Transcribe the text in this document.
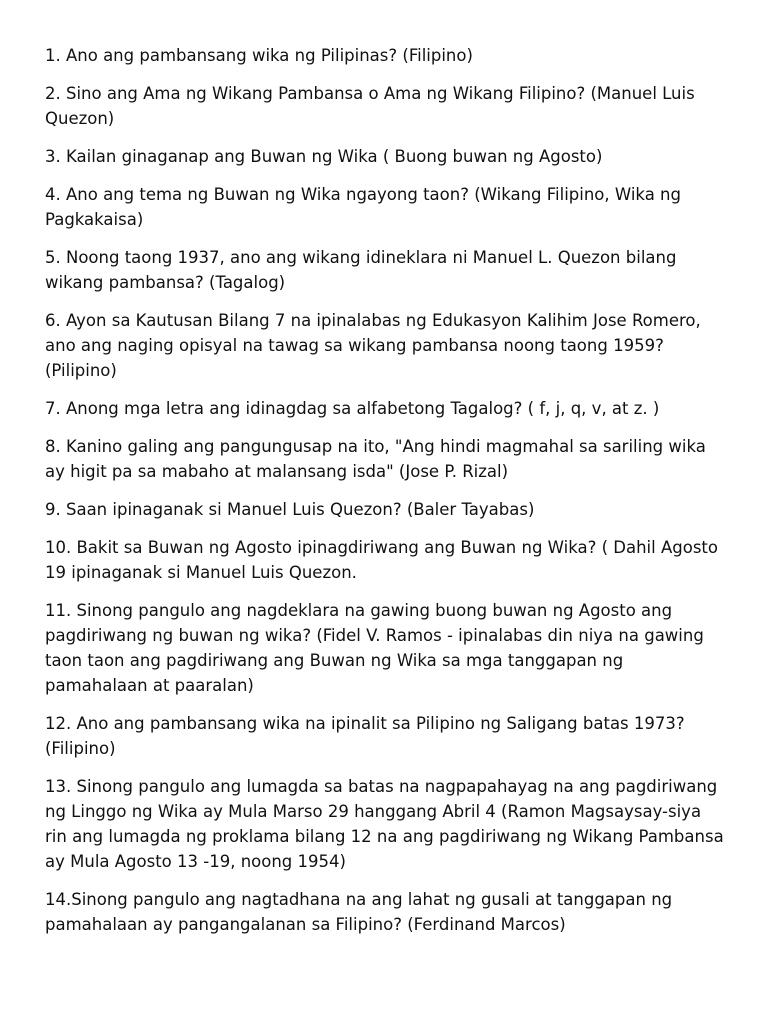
1. Ano ang pambansang wika ng Pilipinas? (Filipino)

2. Sino ang Ama ng Wikang Pambansa o Ama ng Wikang Filipino? (Manuel Luis Quezon)

3. Kailan ginaganap ang Buwan ng Wika ( Buong buwan ng Agosto)

4. Ano ang tema ng Buwan ng Wika ngayong taon? (Wikang Filipino, Wika ng Pagkakaisa)

5. Noong taong 1937, ano ang wikang idineklara ni Manuel L. Quezon bilang wikang pambansa? (Tagalog)

6. Ayon sa Kautusan Bilang 7 na ipinalabas ng Edukasyon Kalihim Jose Romero, ano ang naging opisyal na tawag sa wikang pambansa noong taong 1959? (Pilipino)

7. Anong mga letra ang idinagdag sa alfabetong Tagalog? ( f, j, q, v, at z. )

8. Kanino galing ang pangungusap na ito, "Ang hindi magmahal sa sariling wika ay higit pa sa mabaho at malansang isda" (Jose P. Rizal)

9. Saan ipinaganak si Manuel Luis Quezon? (Baler Tayabas)

10. Bakit sa Buwan ng Agosto ipinagdiriwang ang Buwan ng Wika? ( Dahil Agosto 19 ipinaganak si Manuel Luis Quezon.

11. Sinong pangulo ang nagdeklara na gawing buong buwan ng Agosto ang pagdiriwang ng buwan ng wika? (Fidel V. Ramos - ipinalabas din niya na gawing taon taon ang pagdiriwang ang Buwan ng Wika sa mga tanggapan ng pamahalaan at paaralan)

12. Ano ang pambansang wika na ipinalit sa Pilipino ng Saligang batas 1973? (Filipino)

13. Sinong pangulo ang lumagda sa batas na nagpapahayag na ang pagdiriwang ng Linggo ng Wika ay Mula Marso 29 hanggang Abril 4 (Ramon Magsaysay-siya rin ang lumagda ng proklama bilang 12 na ang pagdiriwang ng Wikang Pambansa ay Mula Agosto 13 -19, noong 1954)

14.Sinong pangulo ang nagtadhana na ang lahat ng gusali at tanggapan ng pamahalaan ay pangangalanan sa Filipino? (Ferdinand Marcos)
